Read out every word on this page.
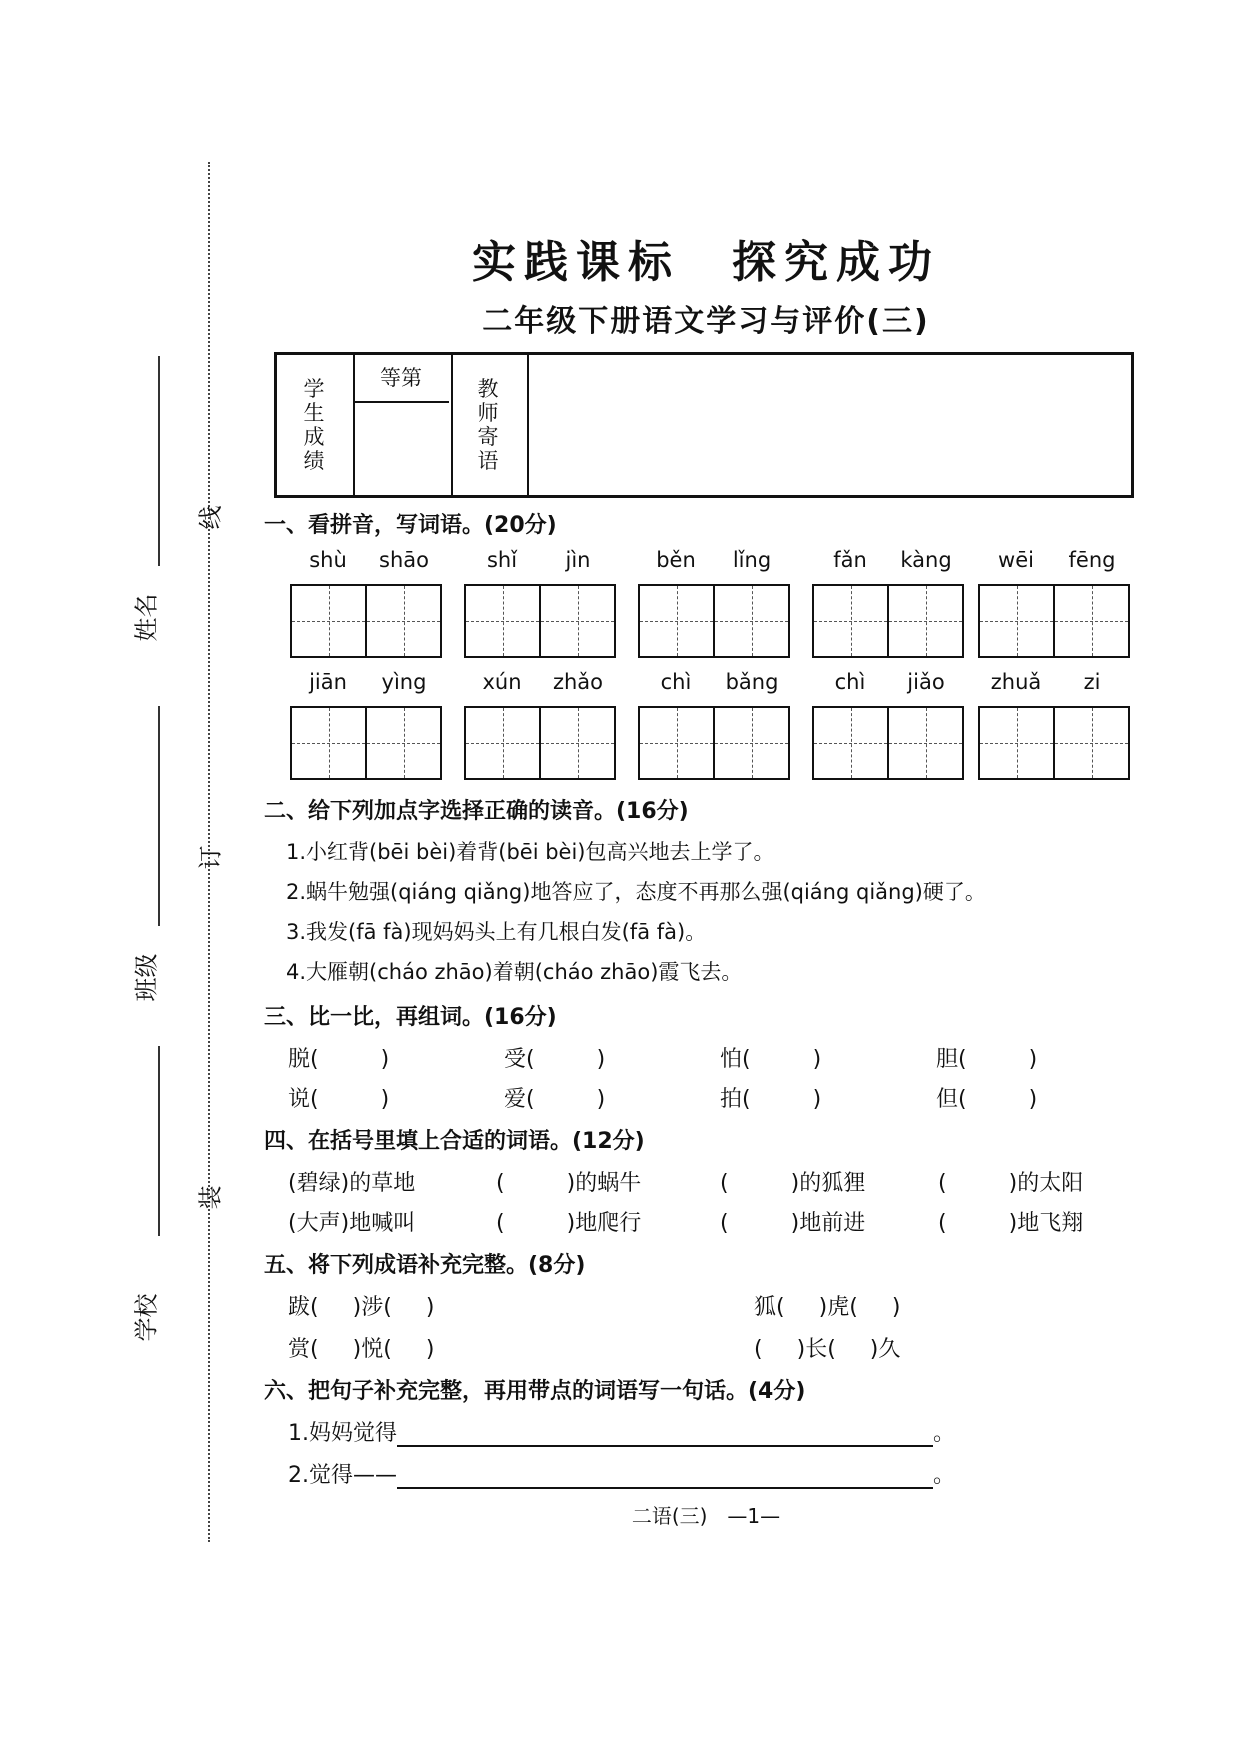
姓名
班级
学校
线
订
装
实践课标　探究成功
二年级下册语文学习与评价(三)
学生成绩
等第	教师寄语
一、看拼音，写词语。(20分)
shù	shāo	shǐ	jìn	běn	lǐng	fǎn	kàng	wēi	fēng
jiān	yìng	xún	zhǎo	chì	bǎng	chì	jiǎo	zhuǎ	zi
二、给下列加点字选择正确的读音。(16分)
1.小红背(bēi bèi)着背(bēi bèi)包高兴地去上学了。
2.蜗牛勉强(qiáng qiǎng)地答应了，态度不再那么强(qiáng qiǎng)硬了。
3.我发(fā fà)现妈妈头上有几根白发(fā fà)。
4.大雁朝(cháo zhāo)着朝(cháo zhāo)霞飞去。
三、比一比，再组词。(16分)
脱(	)	受(	)	怕(	)	胆(	)
说(	)	爱(	)	拍(	)	但(	)
四、在括号里填上合适的词语。(12分)
(碧绿)的草地	(	)的蜗牛	(	)的狐狸	(	)的太阳
(大声)地喊叫	(	)地爬行	(	)地前进	(	)地飞翔
五、将下列成语补充完整。(8分)
跋( )涉( )	狐( )虎( )
赏( )悦( )	( )长( )久
六、把句子补充完整，再用带点的词语写一句话。(4分)
1.妈妈觉得	。
2.觉得——	。
二语(三)　—1—
